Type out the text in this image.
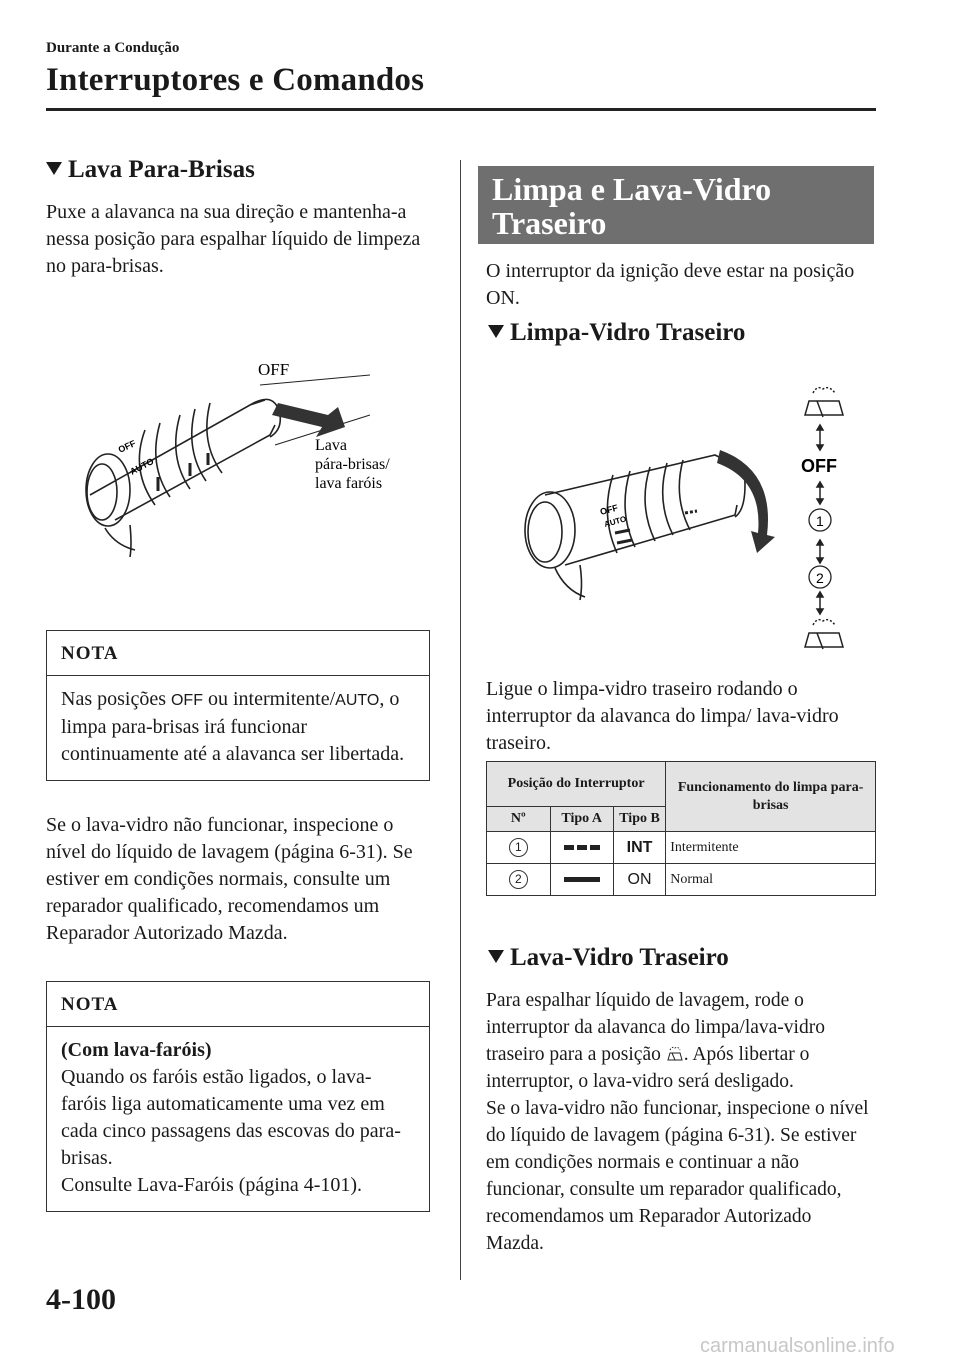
Durante a Condução
Interruptores e Comandos
Lava Para-Brisas
Puxe a alavanca na sua direção e mantenha-a nessa posição para espalhar líquido de limpeza no para-brisas.
OFF
AUTO
OFF
Lava
pára-brisas/
lava faróis
NOTA
Nas posições OFF ou intermitente/AUTO, o limpa para-brisas irá funcionar continuamente até a alavanca ser libertada.
Se o lava-vidro não funcionar, inspecione o nível do líquido de lavagem (página 6-31). Se estiver em condições normais, consulte um reparador qualificado, recomendamos um Reparador Autorizado Mazda.
NOTA
(Com lava-faróis)
Quando os faróis estão ligados, o lava-faróis liga automaticamente uma vez em cada cinco passagens das escovas do para-brisas.
Consulte Lava-Faróis (página 4-101).
Limpa e Lava-Vidro
Traseiro
O interruptor da ignição deve estar na posição ON.
Limpa-Vidro Traseiro
OFF
AUTO
OFF
1
2
Ligue o limpa-vidro traseiro rodando o interruptor da alavanca do limpa/ lava-vidro traseiro.
Posição do Interruptor			Funcionamento do limpa para-brisas
Nº	Tipo A	Tipo B	
1		INT	Intermitente
2		ON	Normal
Lava-Vidro Traseiro
Para espalhar líquido de lavagem, rode o interruptor da alavanca do limpa/lava-vidro traseiro para a posição . Após libertar o interruptor, o lava-vidro será desligado.
Se o lava-vidro não funcionar, inspecione o nível do líquido de lavagem (página 6-31). Se estiver em condições normais e continuar a não funcionar, consulte um reparador qualificado, recomendamos um Reparador Autorizado Mazda.
4-100
carmanualsonline.info
